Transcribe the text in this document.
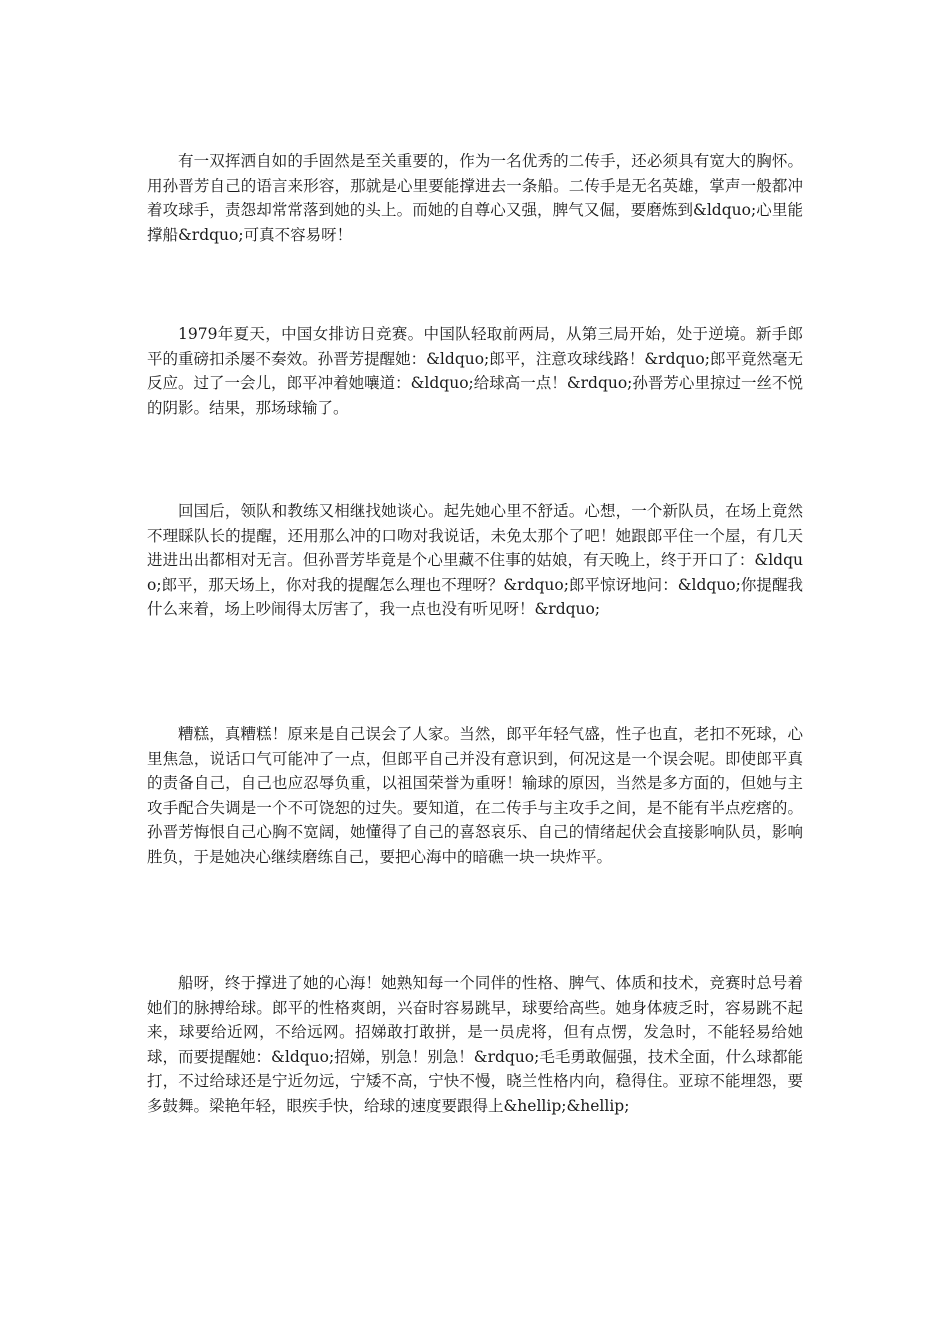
有一双挥洒自如的手固然是至关重要的，作为一名优秀的二传手，还必须具有宽大的胸怀。用孙晋芳自己的语言来形容，那就是心里要能撑进去一条船。二传手是无名英雄，掌声一般都冲着攻球手，责怨却常常落到她的头上。而她的自尊心又强，脾气又倔，要磨炼到&ldquo;心里能撑船&rdquo;可真不容易呀！

1979年夏天，中国女排访日竞赛。中国队轻取前两局，从第三局开始，处于逆境。新手郎平的重磅扣杀屡不奏效。孙晋芳提醒她：&ldquo;郎平，注意攻球线路！&rdquo;郎平竟然毫无反应。过了一会儿，郎平冲着她嚷道：&ldquo;给球高一点！&rdquo;孙晋芳心里掠过一丝不悦的阴影。结果，那场球输了。

回国后，领队和教练又相继找她谈心。起先她心里不舒适。心想，一个新队员，在场上竟然不理睬队长的提醒，还用那么冲的口吻对我说话，未免太那个了吧！她跟郎平住一个屋，有几天进进出出都相对无言。但孙晋芳毕竟是个心里藏不住事的姑娘，有天晚上，终于开口了：&ldquo;郎平，那天场上，你对我的提醒怎么理也不理呀？&rdquo;郎平惊讶地问：&ldquo;你提醒我什么来着，场上吵闹得太厉害了，我一点也没有听见呀！&rdquo;

糟糕，真糟糕！原来是自己误会了人家。当然，郎平年轻气盛，性子也直，老扣不死球，心里焦急，说话口气可能冲了一点，但郎平自己并没有意识到，何况这是一个误会呢。即使郎平真的责备自己，自己也应忍辱负重，以祖国荣誉为重呀！输球的原因，当然是多方面的，但她与主攻手配合失调是一个不可饶恕的过失。要知道，在二传手与主攻手之间，是不能有半点疙瘩的。孙晋芳悔恨自己心胸不宽阔，她懂得了自己的喜怒哀乐、自己的情绪起伏会直接影响队员，影响胜负，于是她决心继续磨练自己，要把心海中的暗礁一块一块炸平。

船呀，终于撑进了她的心海！她熟知每一个同伴的性格、脾气、体质和技术，竞赛时总号着她们的脉搏给球。郎平的性格爽朗，兴奋时容易跳早，球要给高些。她身体疲乏时，容易跳不起来，球要给近网，不给远网。招娣敢打敢拼，是一员虎将，但有点愣，发急时，不能轻易给她球，而要提醒她：&ldquo;招娣，别急！别急！&rdquo;毛毛勇敢倔强，技术全面，什么球都能打，不过给球还是宁近勿远，宁矮不高，宁快不慢，晓兰性格内向，稳得住。亚琼不能埋怨，要多鼓舞。梁艳年轻，眼疾手快，给球的速度要跟得上&hellip;&hellip;
